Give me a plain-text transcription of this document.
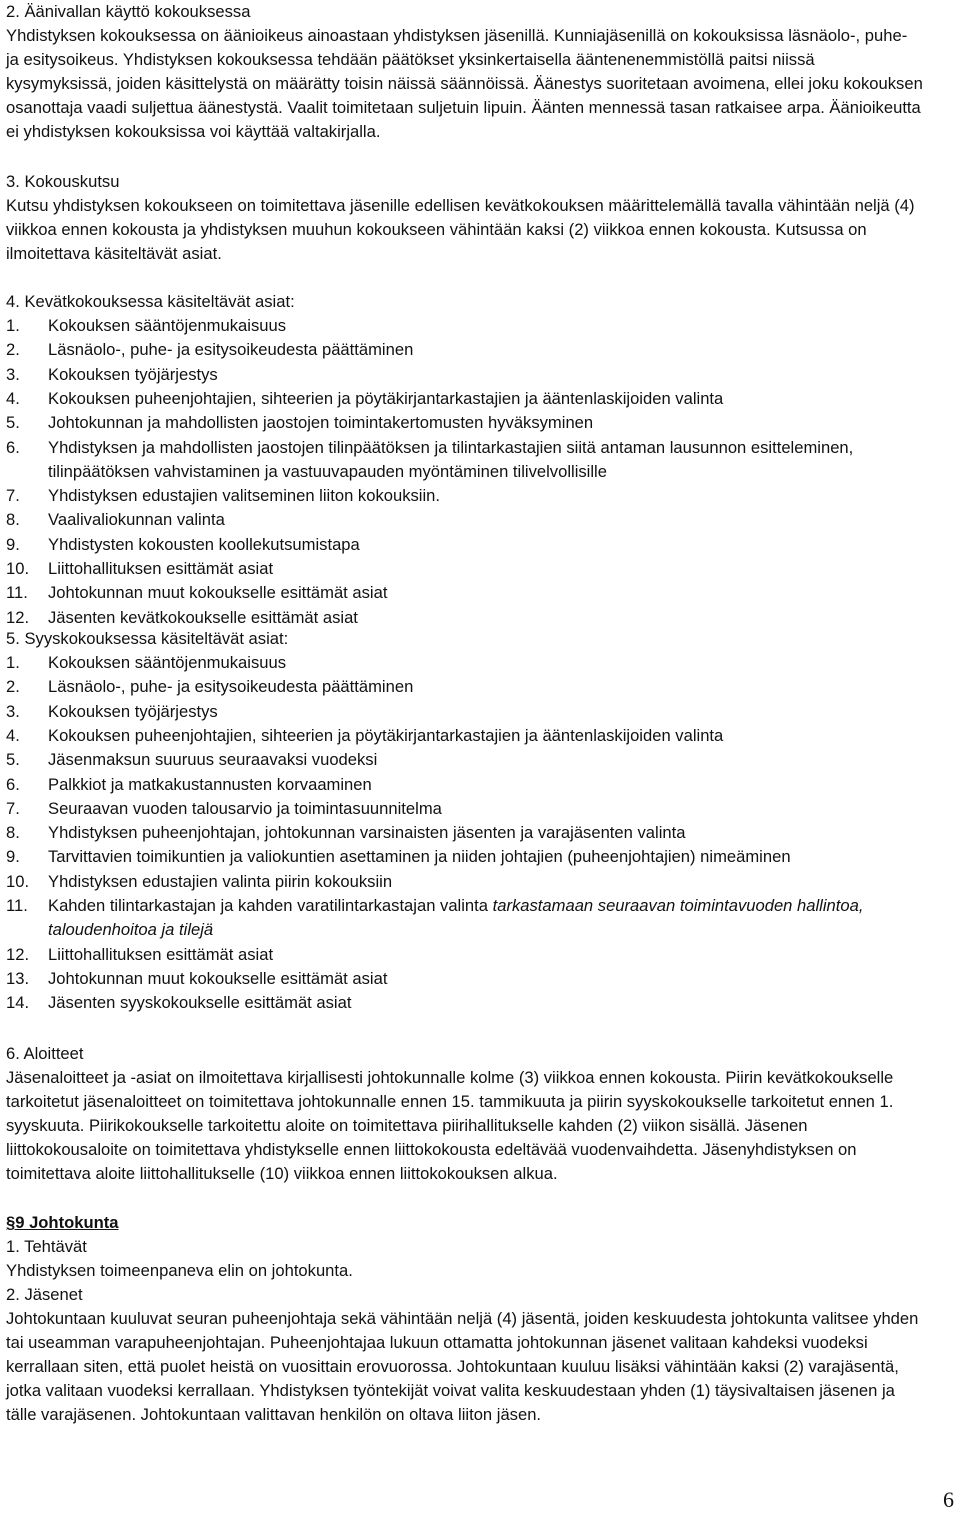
2. Äänivallan käyttö kokouksessa
Yhdistyksen kokouksessa on äänioikeus ainoastaan yhdistyksen jäsenillä. Kunniajäsenillä on kokouksissa läsnäolo-, puhe-
ja esitysoikeus. Yhdistyksen kokouksessa tehdään päätökset yksinkertaisella ääntenenemmistöllä paitsi niissä
kysymyksissä, joiden käsittelystä on määrätty toisin näissä säännöissä. Äänestys suoritetaan avoimena, ellei joku kokouksen
osanottaja vaadi suljettua äänestystä. Vaalit toimitetaan suljetuin lipuin. Äänten mennessä tasan ratkaisee arpa. Äänioikeutta
ei yhdistyksen kokouksissa voi käyttää valtakirjalla.
3. Kokouskutsu
Kutsu yhdistyksen kokoukseen on toimitettava jäsenille edellisen kevätkokouksen määrittelemällä tavalla vähintään neljä (4)
viikkoa ennen kokousta ja yhdistyksen muuhun kokoukseen vähintään kaksi (2) viikkoa ennen kokousta. Kutsussa on
ilmoitettava käsiteltävät asiat.
4. Kevätkokouksessa käsiteltävät asiat:
1. Kokouksen sääntöjenmukaisuus
2. Läsnäolo-, puhe- ja esitysoikeudesta päättäminen
3. Kokouksen työjärjestys
4. Kokouksen puheenjohtajien, sihteerien ja pöytäkirjantarkastajien ja ääntenlaskijoiden valinta
5. Johtokunnan ja mahdollisten jaostojen toimintakertomusten hyväksyminen
6. Yhdistyksen ja mahdollisten jaostojen tilinpäätöksen ja tilintarkastajien siitä antaman lausunnon esitteleminen,
tilinpäätöksen vahvistaminen ja vastuuvapauden myöntäminen tilivelvollisille
7. Yhdistyksen edustajien valitseminen liiton kokouksiin.
8. Vaalivaliokunnan valinta
9. Yhdistysten kokousten koollekutsumistapa
10. Liittohallituksen esittämät asiat
11. Johtokunnan muut kokoukselle esittämät asiat
12. Jäsenten kevätkokoukselle esittämät asiat
5. Syyskokouksessa käsiteltävät asiat:
1. Kokouksen sääntöjenmukaisuus
2. Läsnäolo-, puhe- ja esitysoikeudesta päättäminen
3. Kokouksen työjärjestys
4. Kokouksen puheenjohtajien, sihteerien ja pöytäkirjantarkastajien ja ääntenlaskijoiden valinta
5. Jäsenmaksun suuruus seuraavaksi vuodeksi
6. Palkkiot ja matkakustannusten korvaaminen
7. Seuraavan vuoden talousarvio ja toimintasuunnitelma
8. Yhdistyksen puheenjohtajan, johtokunnan varsinaisten jäsenten ja varajäsenten valinta
9. Tarvittavien toimikuntien ja valiokuntien asettaminen ja niiden johtajien (puheenjohtajien) nimeäminen
10. Yhdistyksen edustajien valinta piirin kokouksiin
11. Kahden tilintarkastajan ja kahden varatilintarkastajan valinta tarkastamaan seuraavan toimintavuoden hallintoa,
taloudenhoitoa ja tilejä
12. Liittohallituksen esittämät asiat
13. Johtokunnan muut kokoukselle esittämät asiat
14. Jäsenten syyskokoukselle esittämät asiat
6. Aloitteet
Jäsenaloitteet ja -asiat on ilmoitettava kirjallisesti johtokunnalle kolme (3) viikkoa ennen kokousta. Piirin kevätkokoukselle
tarkoitetut jäsenaloitteet on toimitettava johtokunnalle ennen 15. tammikuuta ja piirin syyskokoukselle tarkoitetut ennen 1.
syyskuuta. Piirikokoukselle tarkoitettu aloite on toimitettava piirihallitukselle kahden (2) viikon sisällä. Jäsenen
liittokokousaloite on toimitettava yhdistykselle ennen liittokokousta edeltävää vuodenvaihdetta. Jäsenyhdistyksen on
toimitettava aloite liittohallitukselle (10) viikkoa ennen liittokokouksen alkua.
§9 Johtokunta
1. Tehtävät
Yhdistyksen toimeenpaneva elin on johtokunta.
2. Jäsenet
Johtokuntaan kuuluvat seuran puheenjohtaja sekä vähintään neljä (4) jäsentä, joiden keskuudesta johtokunta valitsee yhden
tai useamman varapuheenjohtajan. Puheenjohtajaa lukuun ottamatta johtokunnan jäsenet valitaan kahdeksi vuodeksi
kerrallaan siten, että puolet heistä on vuosittain erovuorossa. Johtokuntaan kuuluu lisäksi vähintään kaksi (2) varajäsentä,
jotka valitaan vuodeksi kerrallaan. Yhdistyksen työntekijät voivat valita keskuudestaan yhden (1) täysivaltaisen jäsenen ja
tälle varajäsenen. Johtokuntaan valittavan henkilön on oltava liiton jäsen.
6
